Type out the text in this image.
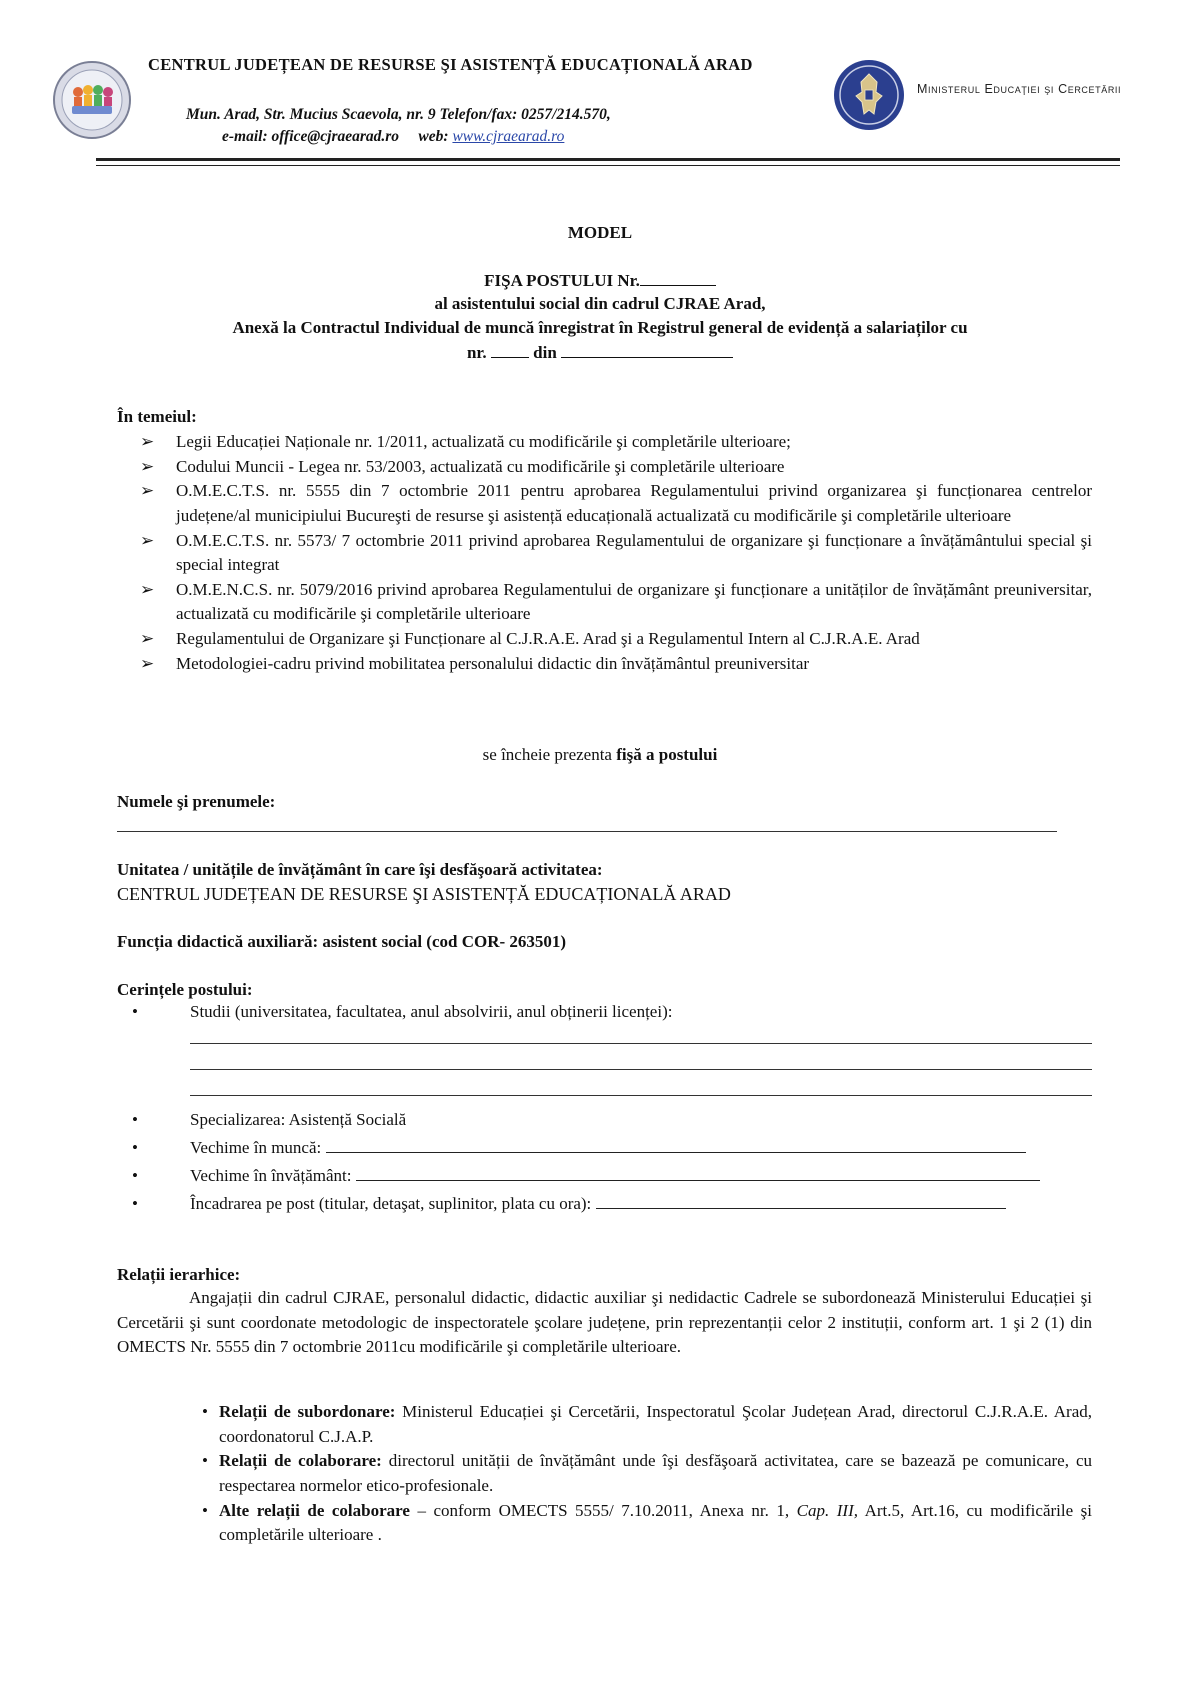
CENTRUL JUDEȚEAN DE RESURSE ŞI ASISTENȚĂ EDUCAȚIONALĂ ARAD
Mun. Arad, Str. Mucius Scaevola, nr. 9 Telefon/fax: 0257/214.570,
e-mail: office@cjraearad.ro web: www.cjraearad.ro
Ministerul Educaţiei şi Cercetării
MODEL
FIŞA POSTULUI Nr.
al asistentului social din cadrul CJRAE Arad,
Anexă la Contractul Individual de muncă înregistrat în Registrul general de evidență a salariaților cu
nr.	din
În temeiul:
➢ Legii Educației Naționale nr. 1/2011, actualizată cu modificările şi completările ulterioare;
➢ Codului Muncii - Legea nr. 53/2003, actualizată cu modificările şi completările ulterioare
➢ O.M.E.C.T.S. nr. 5555 din 7 octombrie 2011 pentru aprobarea Regulamentului privind organizarea şi funcționarea centrelor județene/al municipiului Bucureşti de resurse şi asistență educațională actualizată cu modificările şi completările ulterioare
➢ O.M.E.C.T.S. nr. 5573/ 7 octombrie 2011 privind aprobarea Regulamentului de organizare şi funcționare a învățământului special şi special integrat
➢ O.M.E.N.C.S. nr. 5079/2016 privind aprobarea Regulamentului de organizare şi funcționare a unităților de învățământ preuniversitar, actualizată cu modificările şi completările ulterioare
➢ Regulamentului de Organizare şi Funcționare al C.J.R.A.E. Arad şi a Regulamentul Intern al C.J.R.A.E. Arad
➢ Metodologiei-cadru privind mobilitatea personalului didactic din învățământul preuniversitar
se încheie prezenta fişă a postului
Numele şi prenumele:
Unitatea / unitățile de învățământ în care îşi desfăşoară activitatea:
CENTRUL JUDEȚEAN DE RESURSE ŞI ASISTENȚĂ EDUCAȚIONALĂ ARAD
Funcția didactică auxiliară: asistent social (cod COR- 263501)
Cerințele postului:
•	Studii (universitatea, facultatea, anul absolvirii, anul obținerii licenței):
•	Specializarea: Asistență Socială
•	Vechime în muncă:
•	Vechime în învățământ:
•	Încadrarea pe post (titular, detaşat, suplinitor, plata cu ora):
Relații ierarhice:
Angajații din cadrul CJRAE, personalul didactic, didactic auxiliar şi nedidactic Cadrele se subordonează Ministerului Educației şi Cercetării şi sunt coordonate metodologic de inspectoratele şcolare județene, prin reprezentanții celor 2 instituții, conform art. 1 şi 2 (1) din OMECTS Nr. 5555 din 7 octombrie 2011cu modificările şi completările ulterioare.
• Relații de subordonare: Ministerul Educației şi Cercetării, Inspectoratul Şcolar Județean Arad, directorul C.J.R.A.E. Arad, coordonatorul C.J.A.P.
• Relații de colaborare: directorul unității de învățământ unde îşi desfăşoară activitatea, care se bazează pe comunicare, cu respectarea normelor etico-profesionale.
• Alte relații de colaborare – conform OMECTS 5555/ 7.10.2011, Anexa nr. 1, Cap. III, Art.5, Art.16, cu modificările şi completările ulterioare .
